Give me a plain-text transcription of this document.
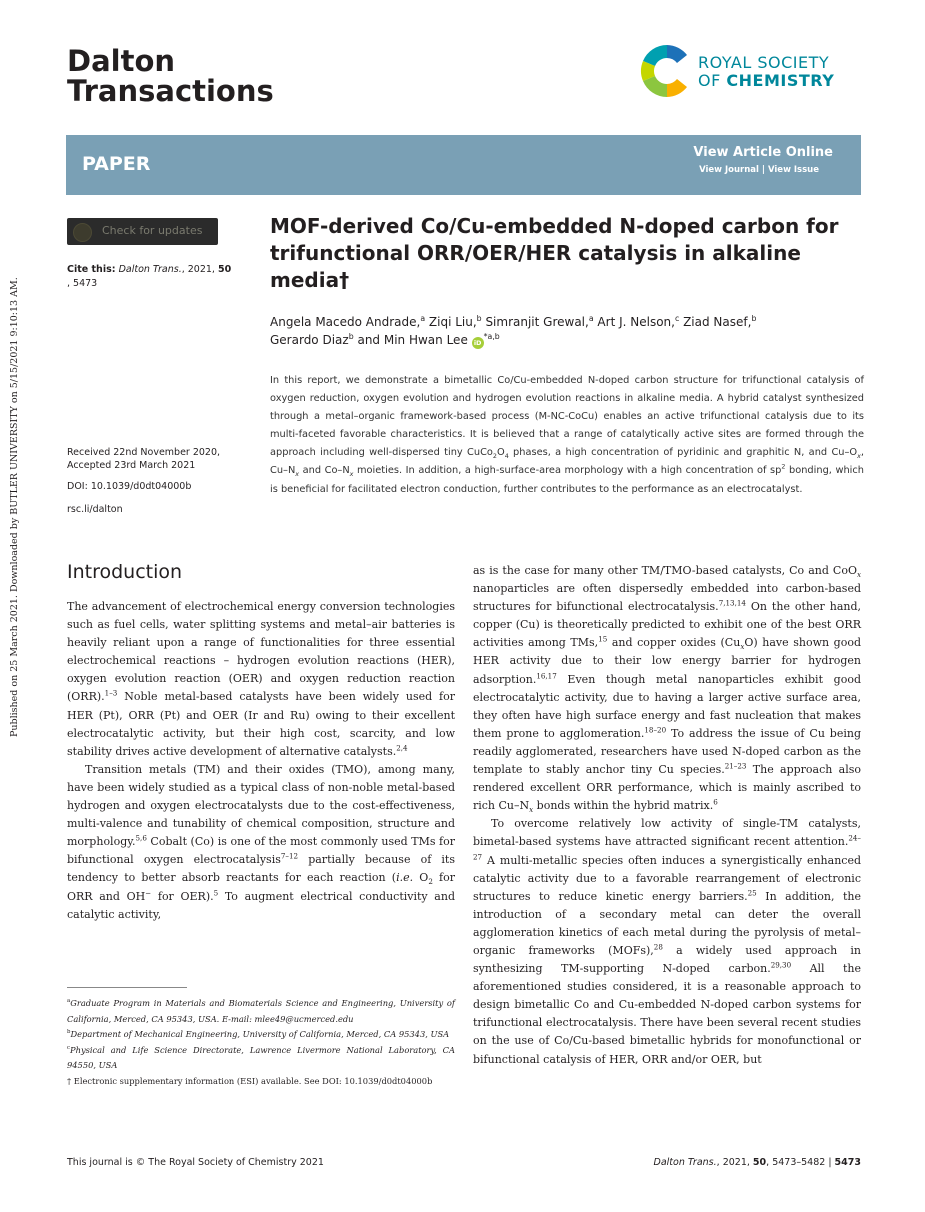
Published on 25 March 2021. Downloaded by BUTLER UNIVERSITY on 5/15/2021 9:10:13 AM.
Dalton
Transactions
ROYAL SOCIETY
OF CHEMISTRY
PAPER
View Article Online
View Journal | View Issue
Check for updates
Cite this: Dalton Trans., 2021, 50
, 5473
MOF-derived Co/Cu-embedded N-doped carbon for trifunctional ORR/OER/HER catalysis in alkaline media†
Angela Macedo Andrade,$^a$ Ziqi Liu,$^b$ Simranjit Grewal,$^a$ Art J. Nelson,$^c$ Ziad Nasef,$^b$
Gerardo Diaz$^b$ and Min Hwan Lee iD$^{*a,b}$
Received 22nd November 2020,
Accepted 23rd March 2021
DOI: 10.1039/d0dt04000b
rsc.li/dalton
In this report, we demonstrate a bimetallic Co/Cu-embedded N-doped carbon structure for trifunctional catalysis of oxygen reduction, oxygen evolution and hydrogen evolution reactions in alkaline media. A hybrid catalyst synthesized through a metal–organic framework-based process (M-NC-CoCu) enables an active trifunctional catalysis due to its multi-faceted favorable characteristics. It is believed that a range of catalytically active sites are formed through the approach including well-dispersed tiny $CuCo_2O_4$ phases, a high concentration of pyridinic and graphitic N, and $Cu-O_x$, $Cu-N_x$ and $Co-N_x$ moieties. In addition, a high-surface-area morphology with a high concentration of $sp^2$ bonding, which is beneficial for facilitated electron conduction, further contributes to the performance as an electrocatalyst.
Introduction

The advancement of electrochemical energy conversion technologies such as fuel cells, water splitting systems and metal–air batteries is heavily reliant upon a range of functionalities for three essential electrochemical reactions – hydrogen evolution reactions (HER), oxygen evolution reaction (OER) and oxygen reduction reaction (ORR).$^{1-3}$ Noble metal-based catalysts have been widely used for HER (Pt), ORR (Pt) and OER (Ir and Ru) owing to their excellent electrocatalytic activity, but their high cost, scarcity, and low stability drives active development of alternative catalysts.$^{2,4}$

Transition metals (TM) and their oxides (TMO), among many, have been widely studied as a typical class of non-noble metal-based hydrogen and oxygen electrocatalysts due to the cost-effectiveness, multi-valence and tunability of chemical composition, structure and morphology.$^{5,6}$ Cobalt (Co) is one of the most commonly used TMs for bifunctional oxygen electrocatalysis$^{7-12}$ partially because of its tendency to better absorb reactants for each reaction (i.e. $O_2$ for ORR and OH− for OER).$^5$ To augment electrical conductivity and catalytic activity,

as is the case for many other TM/TMO-based catalysts, Co and CoO$_x$ nanoparticles are often dispersedly embedded into carbon-based structures for bifunctional electrocatalysis.$^{7,13,14}$ On the other hand, copper (Cu) is theoretically predicted to exhibit one of the best ORR activities among TMs,$^{15}$ and copper oxides $(Cu_xO)$ have shown good HER activity due to their low energy barrier for hydrogen adsorption.$^{16,17}$ Even though metal nanoparticles exhibit good electrocatalytic activity, due to having a larger active surface area, they often have high surface energy and fast nucleation that makes them prone to agglomeration.$^{18-20}$ To address the issue of Cu being readily agglomerated, researchers have used N-doped carbon as the template to stably anchor tiny Cu species.$^{21-23}$ The approach also rendered excellent ORR performance, which is mainly ascribed to rich $Cu-N_x$ bonds within the hybrid matrix.$^6$

To overcome relatively low activity of single-TM catalysts, bimetal-based systems have attracted significant recent attention.$^{24-27}$ A multi-metallic species often induces a synergistically enhanced catalytic activity due to a favorable rearrangement of electronic structures to reduce kinetic energy barriers.$^{25}$ In addition, the introduction of a secondary metal can deter the overall agglomeration kinetics of each metal during the pyrolysis of metal–organic frameworks (MOFs),$^{28}$ a widely used approach in synthesizing TM-supporting N-doped carbon.$^{29,30}$ All the aforementioned studies considered, it is a reasonable approach to design bimetallic Co and Cu-embedded N-doped carbon systems for trifunctional electrocatalysis. There have been several recent studies on the use of Co/Cu-based bimetallic hybrids for monofunctional or bifunctional catalysis of HER, ORR and/or OER, but

$^a$Graduate Program in Materials and Biomaterials Science and Engineering, University of California, Merced, CA 95343, USA. E-mail: mlee49@ucmerced.edu

$^b$Department of Mechanical Engineering, University of California, Merced, CA 95343, USA

$^c$Physical and Life Science Directorate, Lawrence Livermore National Laboratory, CA 94550, USA

† Electronic supplementary information (ESI) available. See DOI: 10.1039/d0dt04000b

This journal is © The Royal Society of Chemistry 2021	Dalton Trans., 2021, 50, 5473–5482 | 5473
